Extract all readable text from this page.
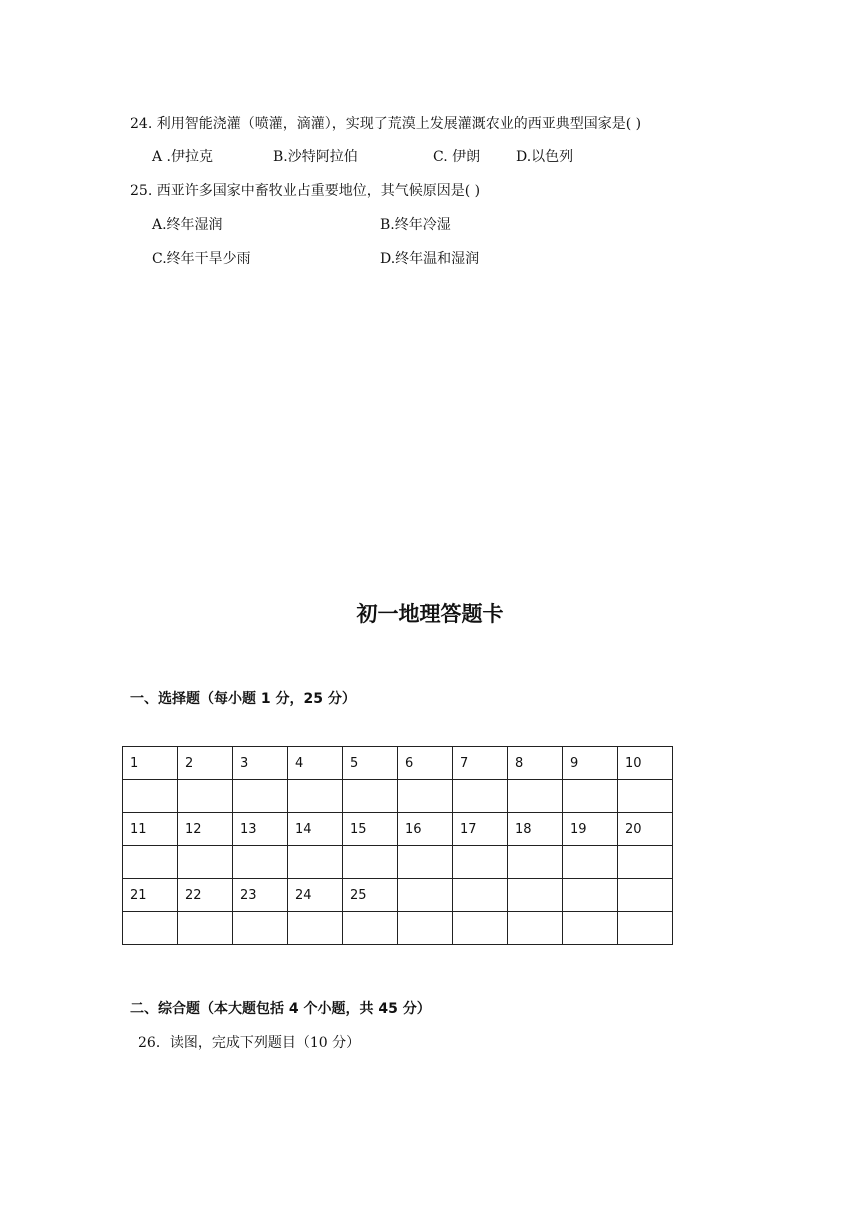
24. 利用智能浇灌（喷灌，滴灌），实现了荒漠上发展灌溉农业的西亚典型国家是( )
A .伊拉克	B.沙特阿拉伯	C. 伊朗	D.以色列
25. 西亚许多国家中畜牧业占重要地位，其气候原因是( )
A.终年湿润	B.终年冷湿
C.终年干旱少雨	D.终年温和湿润
初一地理答题卡
一、选择题（每小题 1 分，25 分）
1	2	3	4	5	6	7	8	9	10

11	12	13	14	15	16	17	18	19	20

21	22	23	24	25					

二、综合题（本大题包括 4 个小题，共 45 分）
26．读图，完成下列题目（10 分）
